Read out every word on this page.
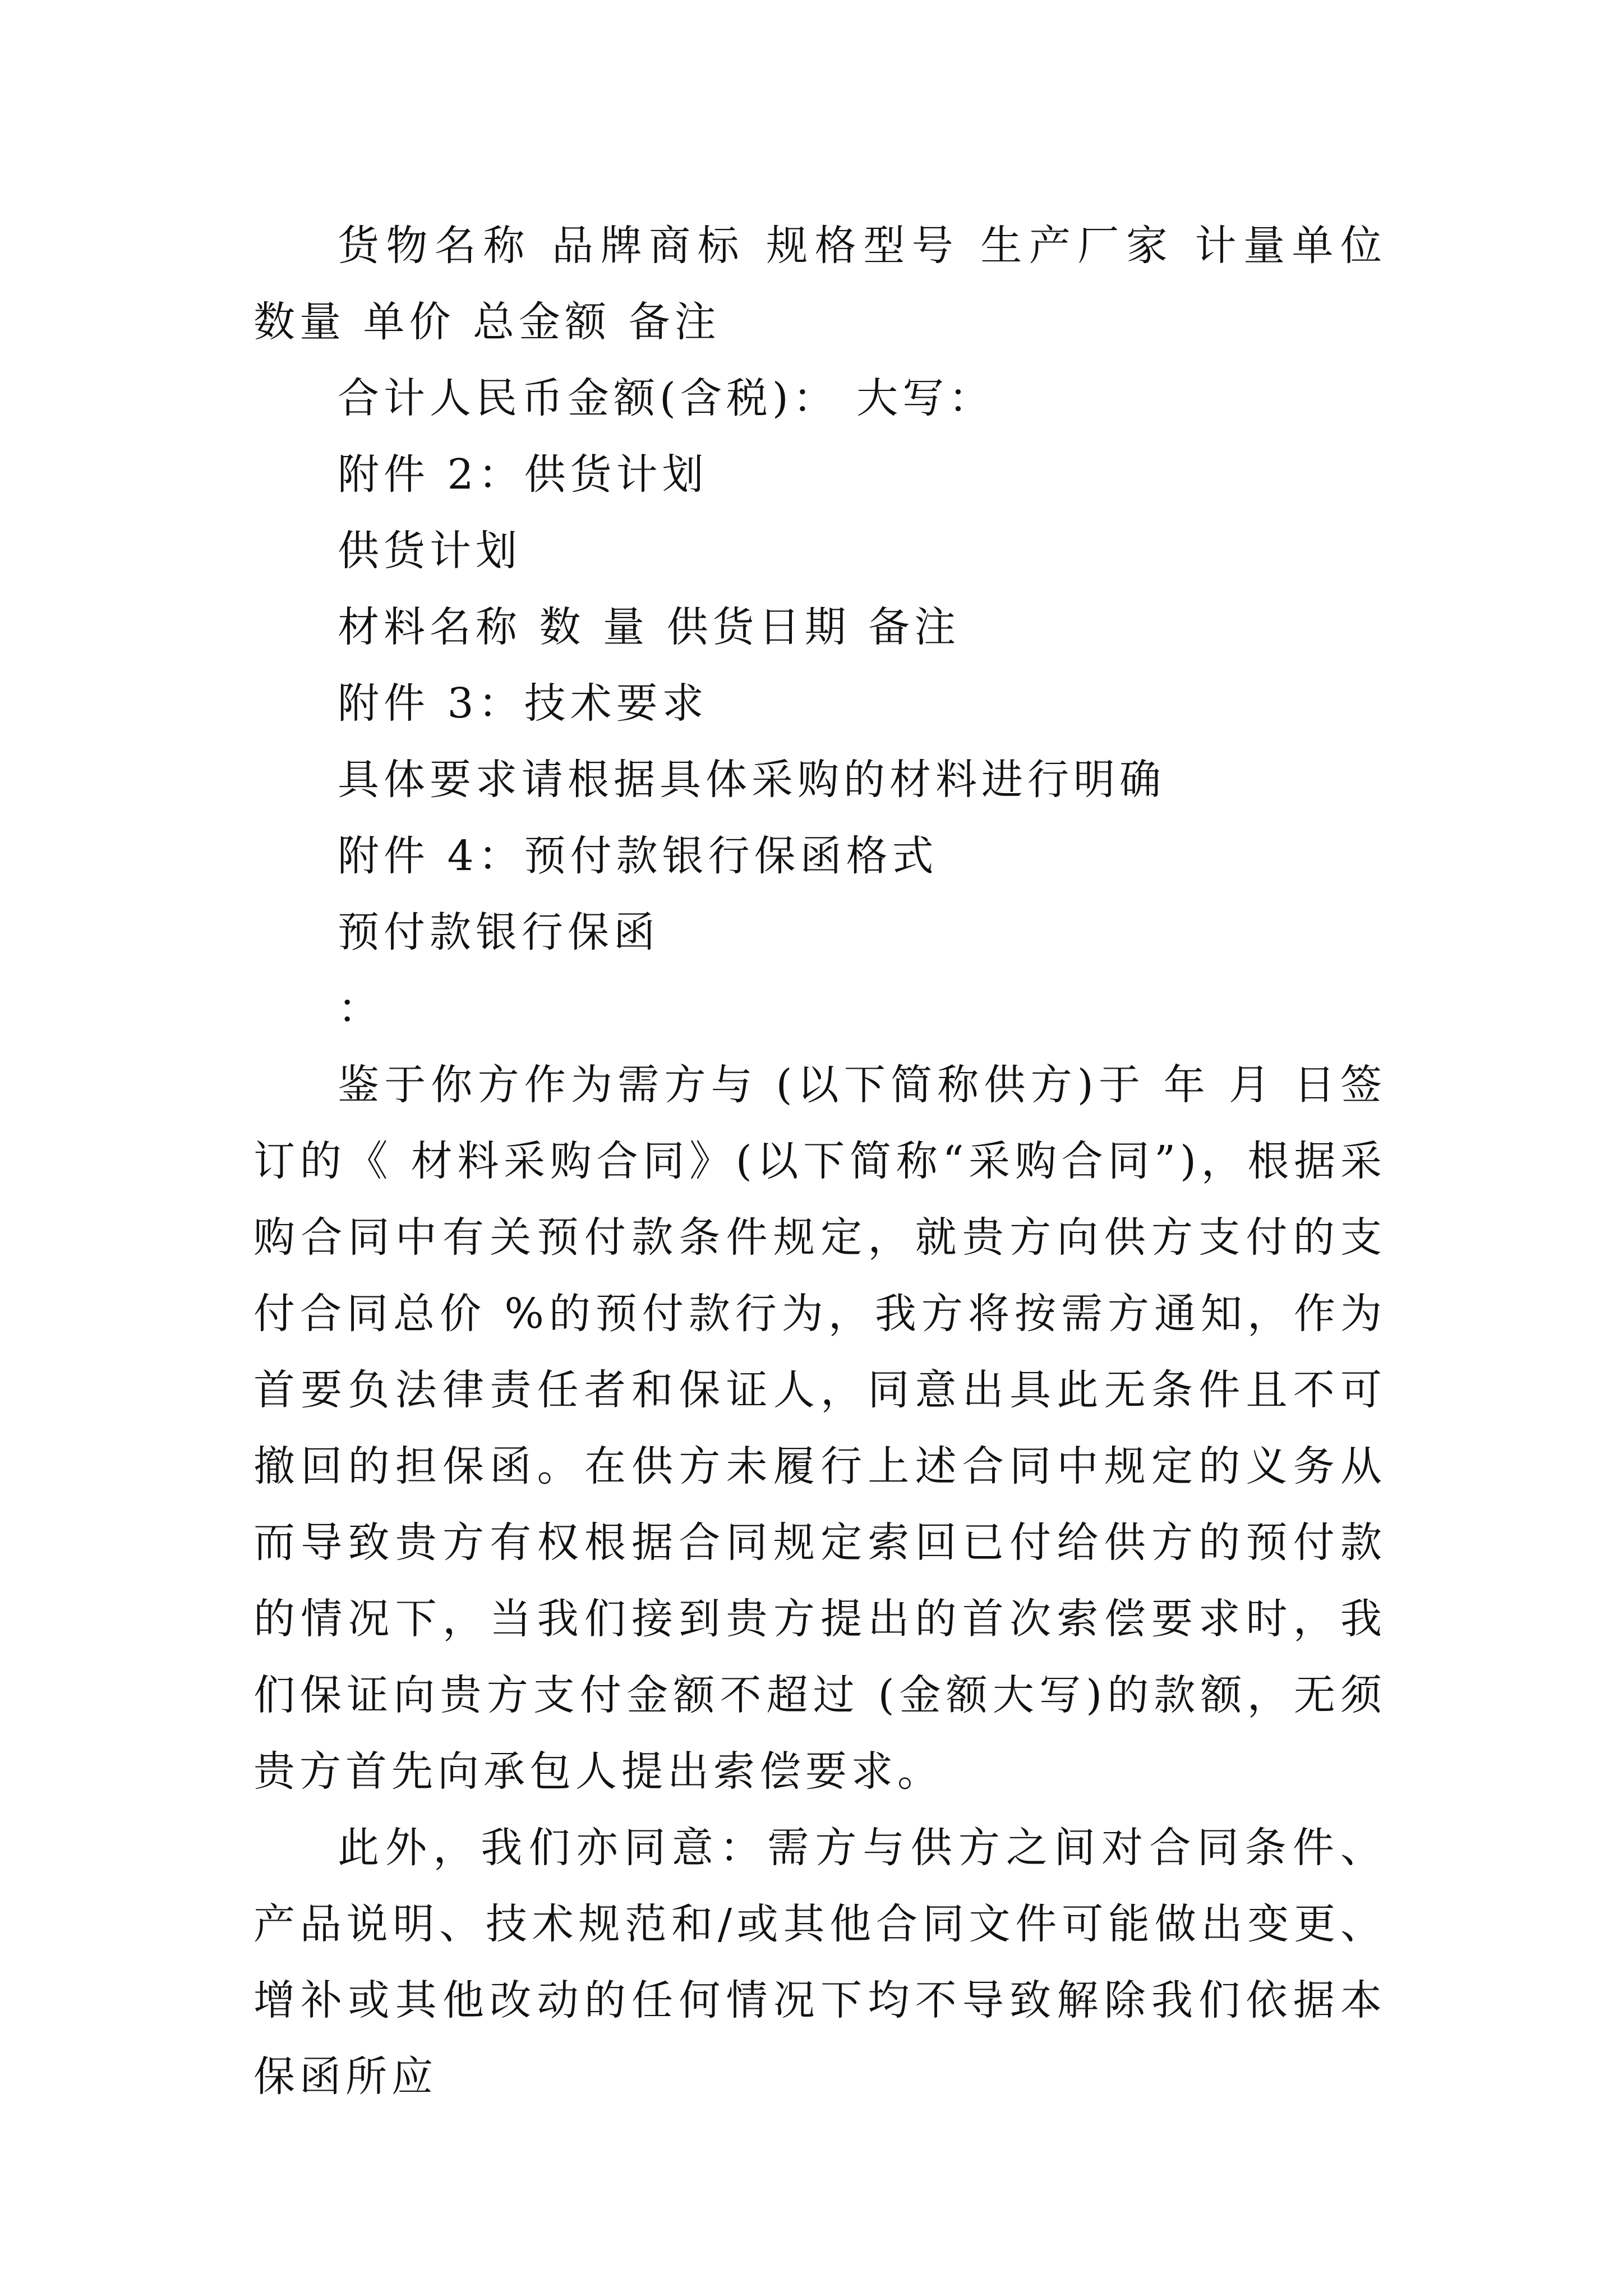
货物名称 品牌商标 规格型号 生产厂家 计量单位 数量 单价 总金额 备注

合计人民币金额(含税)： 大写：

附件 2：供货计划

供货计划

材料名称 数 量 供货日期 备注

附件 3：技术要求

具体要求请根据具体采购的材料进行明确

附件 4：预付款银行保函格式

预付款银行保函

：

鉴于你方作为需方与 (以下简称供方)于 年 月 日签订的《 材料采购合同》(以下简称“采购合同”)，根据采购合同中有关预付款条件规定，就贵方向供方支付的支付合同总价 %的预付款行为，我方将按需方通知，作为首要负法律责任者和保证人，同意出具此无条件且不可撤回的担保函。在供方未履行上述合同中规定的义务从而导致贵方有权根据合同规定索回已付给供方的预付款的情况下，当我们接到贵方提出的首次索偿要求时，我们保证向贵方支付金额不超过 (金额大写)的款额，无须贵方首先向承包人提出索偿要求。

此外，我们亦同意：需方与供方之间对合同条件、产品说明、技术规范和/或其他合同文件可能做出变更、增补或其他改动的任何情况下均不导致解除我们依据本保函所应
